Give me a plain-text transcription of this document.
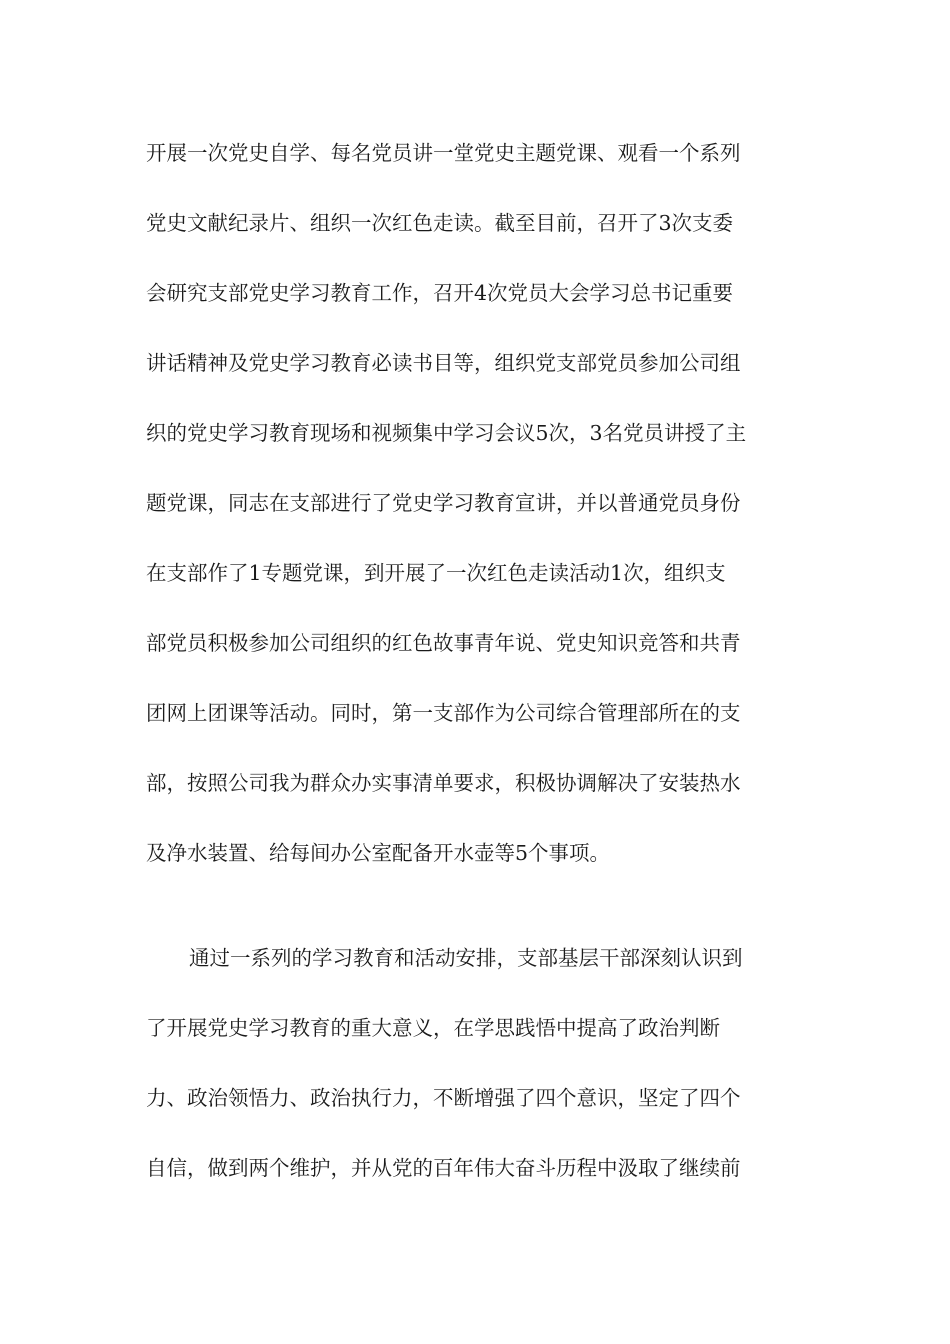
开展一次党史自学、每名党员讲一堂党史主题党课、观看一个系列
党史文献纪录片、组织一次红色走读。截至目前，召开了3次支委
会研究支部党史学习教育工作，召开4次党员大会学习总书记重要
讲话精神及党史学习教育必读书目等，组织党支部党员参加公司组
织的党史学习教育现场和视频集中学习会议5次，3名党员讲授了主
题党课，同志在支部进行了党史学习教育宣讲，并以普通党员身份
在支部作了1专题党课，到开展了一次红色走读活动1次，组织支
部党员积极参加公司组织的红色故事青年说、党史知识竞答和共青
团网上团课等活动。同时，第一支部作为公司综合管理部所在的支
部，按照公司我为群众办实事清单要求，积极协调解决了安装热水
及净水装置、给每间办公室配备开水壶等5个事项。
通过一系列的学习教育和活动安排，支部基层干部深刻认识到
了开展党史学习教育的重大意义，在学思践悟中提高了政治判断
力、政治领悟力、政治执行力，不断增强了四个意识，坚定了四个
自信，做到两个维护，并从党的百年伟大奋斗历程中汲取了继续前
